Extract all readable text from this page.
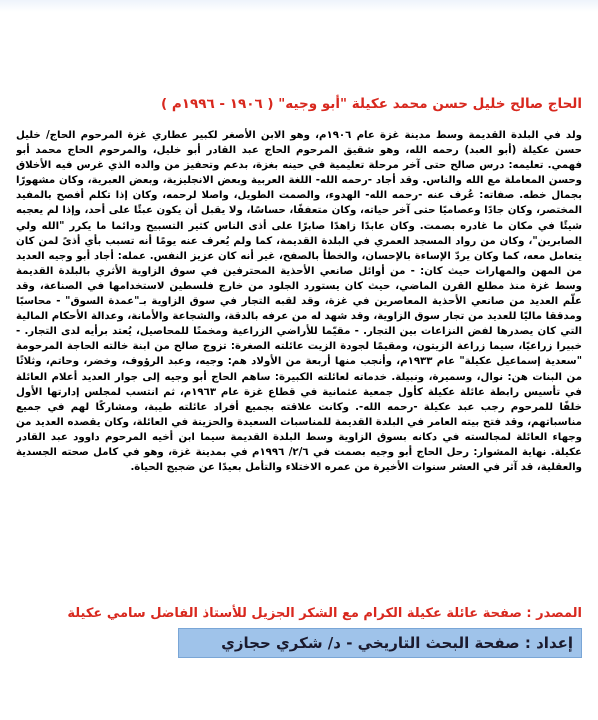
الحاج صالح خليل حسن محمد عكيلة "أبو وجيه" ( ١٩٠٦ - ١٩٩٦م )
ولد في البلدة القديمة وسط مدينة غزة عام ١٩٠٦م، وهو الابن الأصغر لكبير عطاري غزة المرحوم الحاج/ خليل حسن عكيلة (أبو العبد) رحمه الله، وهو شقيق المرحوم الحاج عبد القادر أبو خليل، والمرحوم الحاج محمد أبو فهمي. تعليمه: درس صالح حتى آخر مرحلة تعليمية في حينه بغزة، بدعم وتحفيز من والده الذي غرس فيه الأخلاق وحسن المعاملة مع الله والناس. وقد أجاد -رحمه الله- اللغة العربية وبعض الانجليزية، وبعض العبرية، وكان مشهورًا بجمال خطه. صفاته: عُرف عنه -رحمه الله- الهدوء، والصمت الطويل، واصلا لرحمه، وكان إذا تكلم أفصح بالمفيد المختصر، وكان جادًا وعصاميًا حتى آخر حياته، وكان متعففًا، حساسًا، ولا يقبل أن يكون عبئًا على أحد، وإذا لم يعجبه شيئًا في مكان ما غادره بصمت. وكان عابدًا زاهدًا صابرًا على أذى الناس كثير التسبيح ودائما ما يكرر "الله ولي الصابرين"، وكان من رواد المسجد العمري في البلدة القديمة، كما ولم يُعرف عنه يومًا أنه تسبب بأي أذىً لمن كان يتعامل معه، كما وكان يردّ الإساءة بالإحسان، والخطأ بالصفح، غير أنه كان عزيز النفس. عمله: أجاد أبو وجيه العديد من المهن والمهارات حيث كان: - من أوائل صانعي الأحذية المحترفين في سوق الزاوية الأثري بالبلدة القديمة وسط غزة منذ مطلع القرن الماضي، حيث كان يستورد الجلود من خارج فلسطين لاستخدامها في الصناعة، وقد علّم العديد من صانعي الأحذية المعاصرين في غزة، وقد لقبه التجار في سوق الزاوية بـ"عمدة السوق" - محاسبًا ومدققا ماليًا للعديد من تجار سوق الزاوية، وقد شهد له من عرفه بالدقة، والشجاعة والأمانة، وعدالة الأحكام المالية التي كان يصدرها لفض النزاعات بين التجار. - مقيّما للأراضي الزراعية ومخمنًا للمحاصيل، يُعتد برأيه لدى التجار. - خبيرا زراعيًا، سيما زراعة الزيتون، ومقيمًا لجودة الزيت عائلته الصغرة: تزوج صالح من ابنة خالته الحاجة المرحومة "سعدية إسماعيل عكيلة" عام ١٩٣٣م، وأنجب منها أربعة من الأولاد هم: وجيه، وعبد الرؤوف، وخضر، وحاتم، وثلاثًا من البنات هن: نوال، وسميرة، ونبيلة. خدماته لعائلته الكبيرة: ساهم الحاج أبو وجيه إلى جوار العديد أعلام العائلة في تأسيس رابطة عائلة عكيلة كأول جمعية عثمانية في قطاع غزة عام ١٩٦٣م، ثم انتسب لمجلس إدارتها الأول خلفًا للمرحوم رجب عبد عكيلة -رحمه الله-. وكانت علاقته بجميع أفراد عائلته طيبة، ومشاركًا لهم في جميع مناسباتهم، وقد فتح بيته العامر في البلدة القديمة للمناسبات السعيدة والحزينة في العائلة، وكان يقصده العديد من وجهاء العائلة لمجالسته في دكانه بسوق الزاوية وسط البلدة القديمة سيما ابن أخيه المرحوم داوود عبد القادر عكيلة. نهاية المشوار: رحل الحاج أبو وجيه بصمت في ٢/٦/ ١٩٩٦م في بمدينة غزة، وهو في كامل صحته الجسدية والعقلية، قد آثر في العشر سنوات الأخيرة من عمره الاختلاء والتأمل بعيدًا عن ضجيج الحياة.
المصدر : صفحة عائلة عكيلة الكرام مع الشكر الجزيل للأستاذ الفاضل سامي عكيلة
إعداد : صفحة البحث التاريخي - د/ شكري حجازي
